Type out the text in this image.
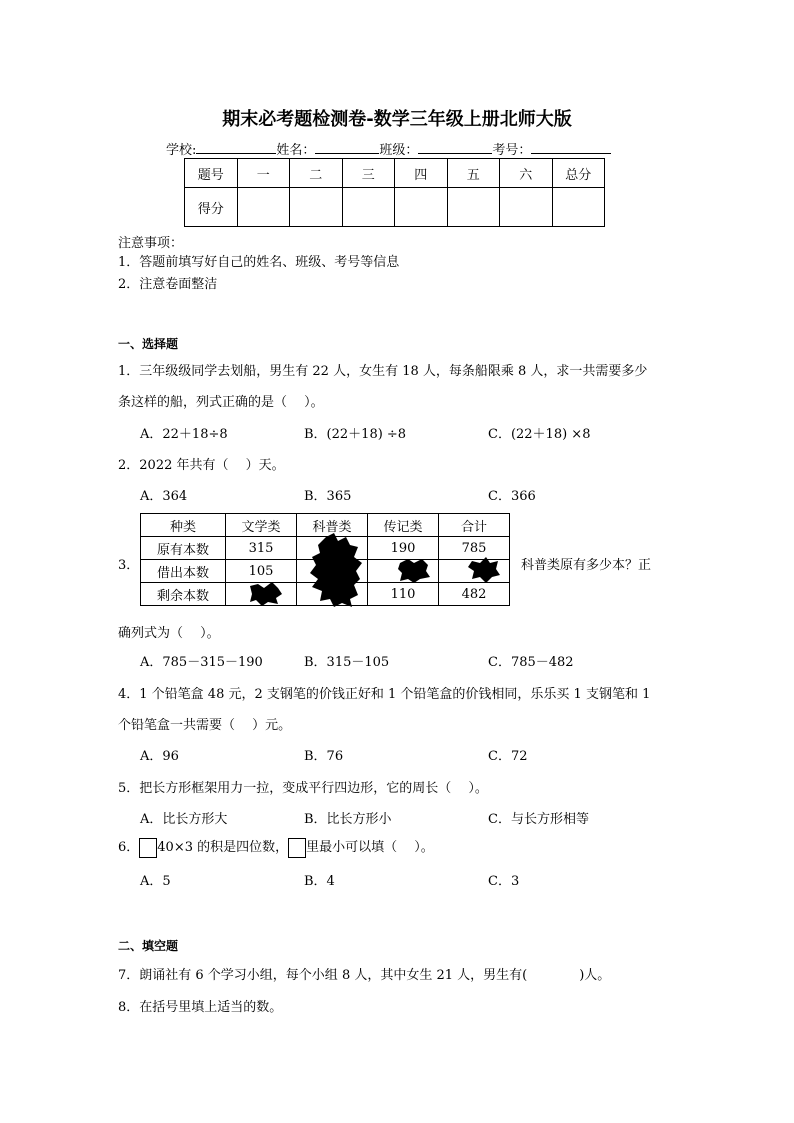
期末必考题检测卷-数学三年级上册北师大版
学校:	姓名：	班级：	考号：
题号	一	二	三	四	五	六	总分
得分							
注意事项：
1．答题前填写好自己的姓名、班级、考号等信息
2．注意卷面整洁
一、选择题
1．三年级级同学去划船，男生有 22 人，女生有 18 人，每条船限乘 8 人，求一共需要多少
条这样的船，列式正确的是（　 ）。
A．22＋18÷8	B．(22＋18) ÷8	C．(22＋18) ×8
2．2022 年共有（　 ）天。
A．364	B．365	C．366
3．
种类	文学类	科普类	传记类	合计
原有本数	315		190	785
借出本数	105			
剩余本数			110	482
科普类原有多少本？正
确列式为（　 ）。
A．785－315－190	B．315－105	C．785－482
4．1 个铅笔盒 48 元，2 支钢笔的价钱正好和 1 个铅笔盒的价钱相同，乐乐买 1 支钢笔和 1
个铅笔盒一共需要（　 ）元。
A．96	B．76	C．72
5．把长方形框架用力一拉，变成平行四边形，它的周长（　 ）。
A．比长方形大	B．比长方形小	C．与长方形相等
6． 40×3 的积是四位数， 里最小可以填（　 ）。
A．5	B．4	C．3
二、填空题
7．朗诵社有 6 个学习小组，每个小组 8 人，其中女生 21 人，男生有(　　　　)人。
8．在括号里填上适当的数。
